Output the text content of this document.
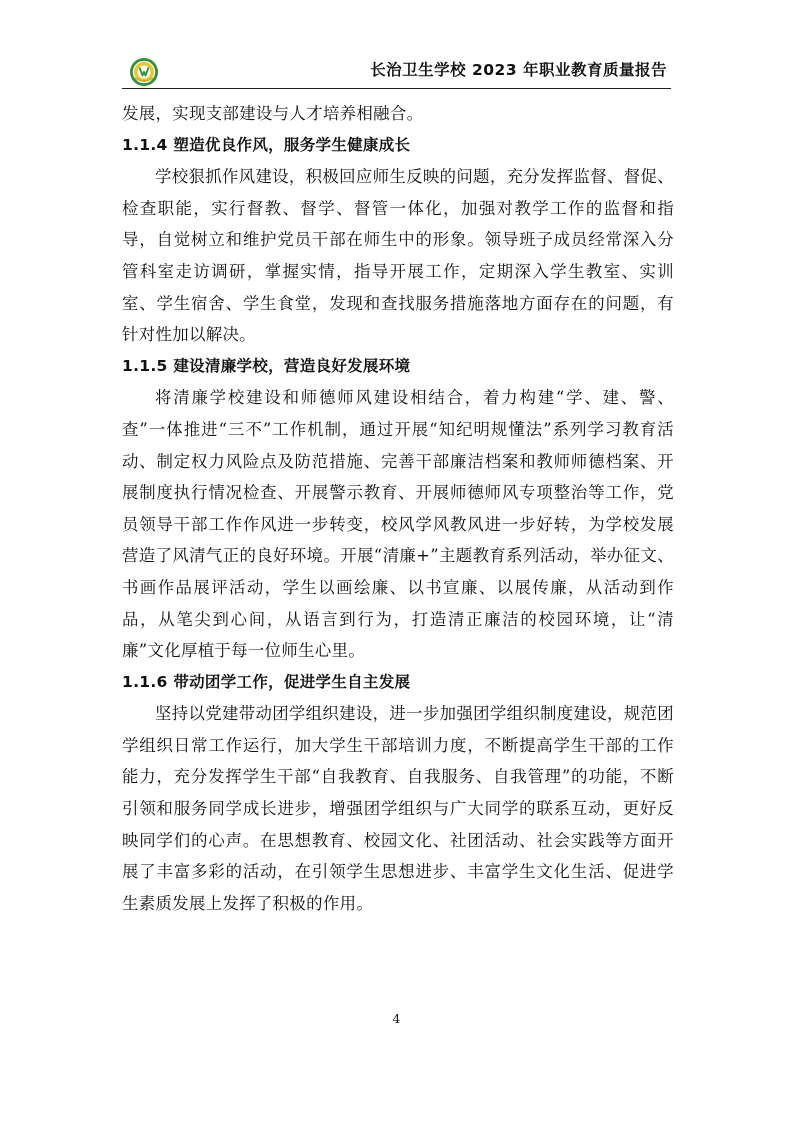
长治卫生学校 2023 年职业教育质量报告

发展，实现支部建设与人才培养相融合。

1.1.4 塑造优良作风，服务学生健康成长

学校狠抓作风建设，积极回应师生反映的问题，充分发挥监督、督促、检查职能，实行督教、督学、督管一体化，加强对教学工作的监督和指导，自觉树立和维护党员干部在师生中的形象。领导班子成员经常深入分管科室走访调研，掌握实情，指导开展工作，定期深入学生教室、实训室、学生宿舍、学生食堂，发现和查找服务措施落地方面存在的问题，有针对性加以解决。

1.1.5 建设清廉学校，营造良好发展环境

将清廉学校建设和师德师风建设相结合，着力构建“学、建、警、查”一体推进“三不”工作机制，通过开展“知纪明规懂法”系列学习教育活动、制定权力风险点及防范措施、完善干部廉洁档案和教师师德档案、开展制度执行情况检查、开展警示教育、开展师德师风专项整治等工作，党员领导干部工作作风进一步转变，校风学风教风进一步好转，为学校发展营造了风清气正的良好环境。开展“清廉+”主题教育系列活动，举办征文、书画作品展评活动，学生以画绘廉、以书宣廉、以展传廉，从活动到作品，从笔尖到心间，从语言到行为，打造清正廉洁的校园环境，让“清廉”文化厚植于每一位师生心里。

1.1.6 带动团学工作，促进学生自主发展

坚持以党建带动团学组织建设，进一步加强团学组织制度建设，规范团学组织日常工作运行，加大学生干部培训力度，不断提高学生干部的工作能力，充分发挥学生干部“自我教育、自我服务、自我管理”的功能，不断引领和服务同学成长进步，增强团学组织与广大同学的联系互动，更好反映同学们的心声。在思想教育、校园文化、社团活动、社会实践等方面开展了丰富多彩的活动，在引领学生思想进步、丰富学生文化生活、促进学生素质发展上发挥了积极的作用。

4
